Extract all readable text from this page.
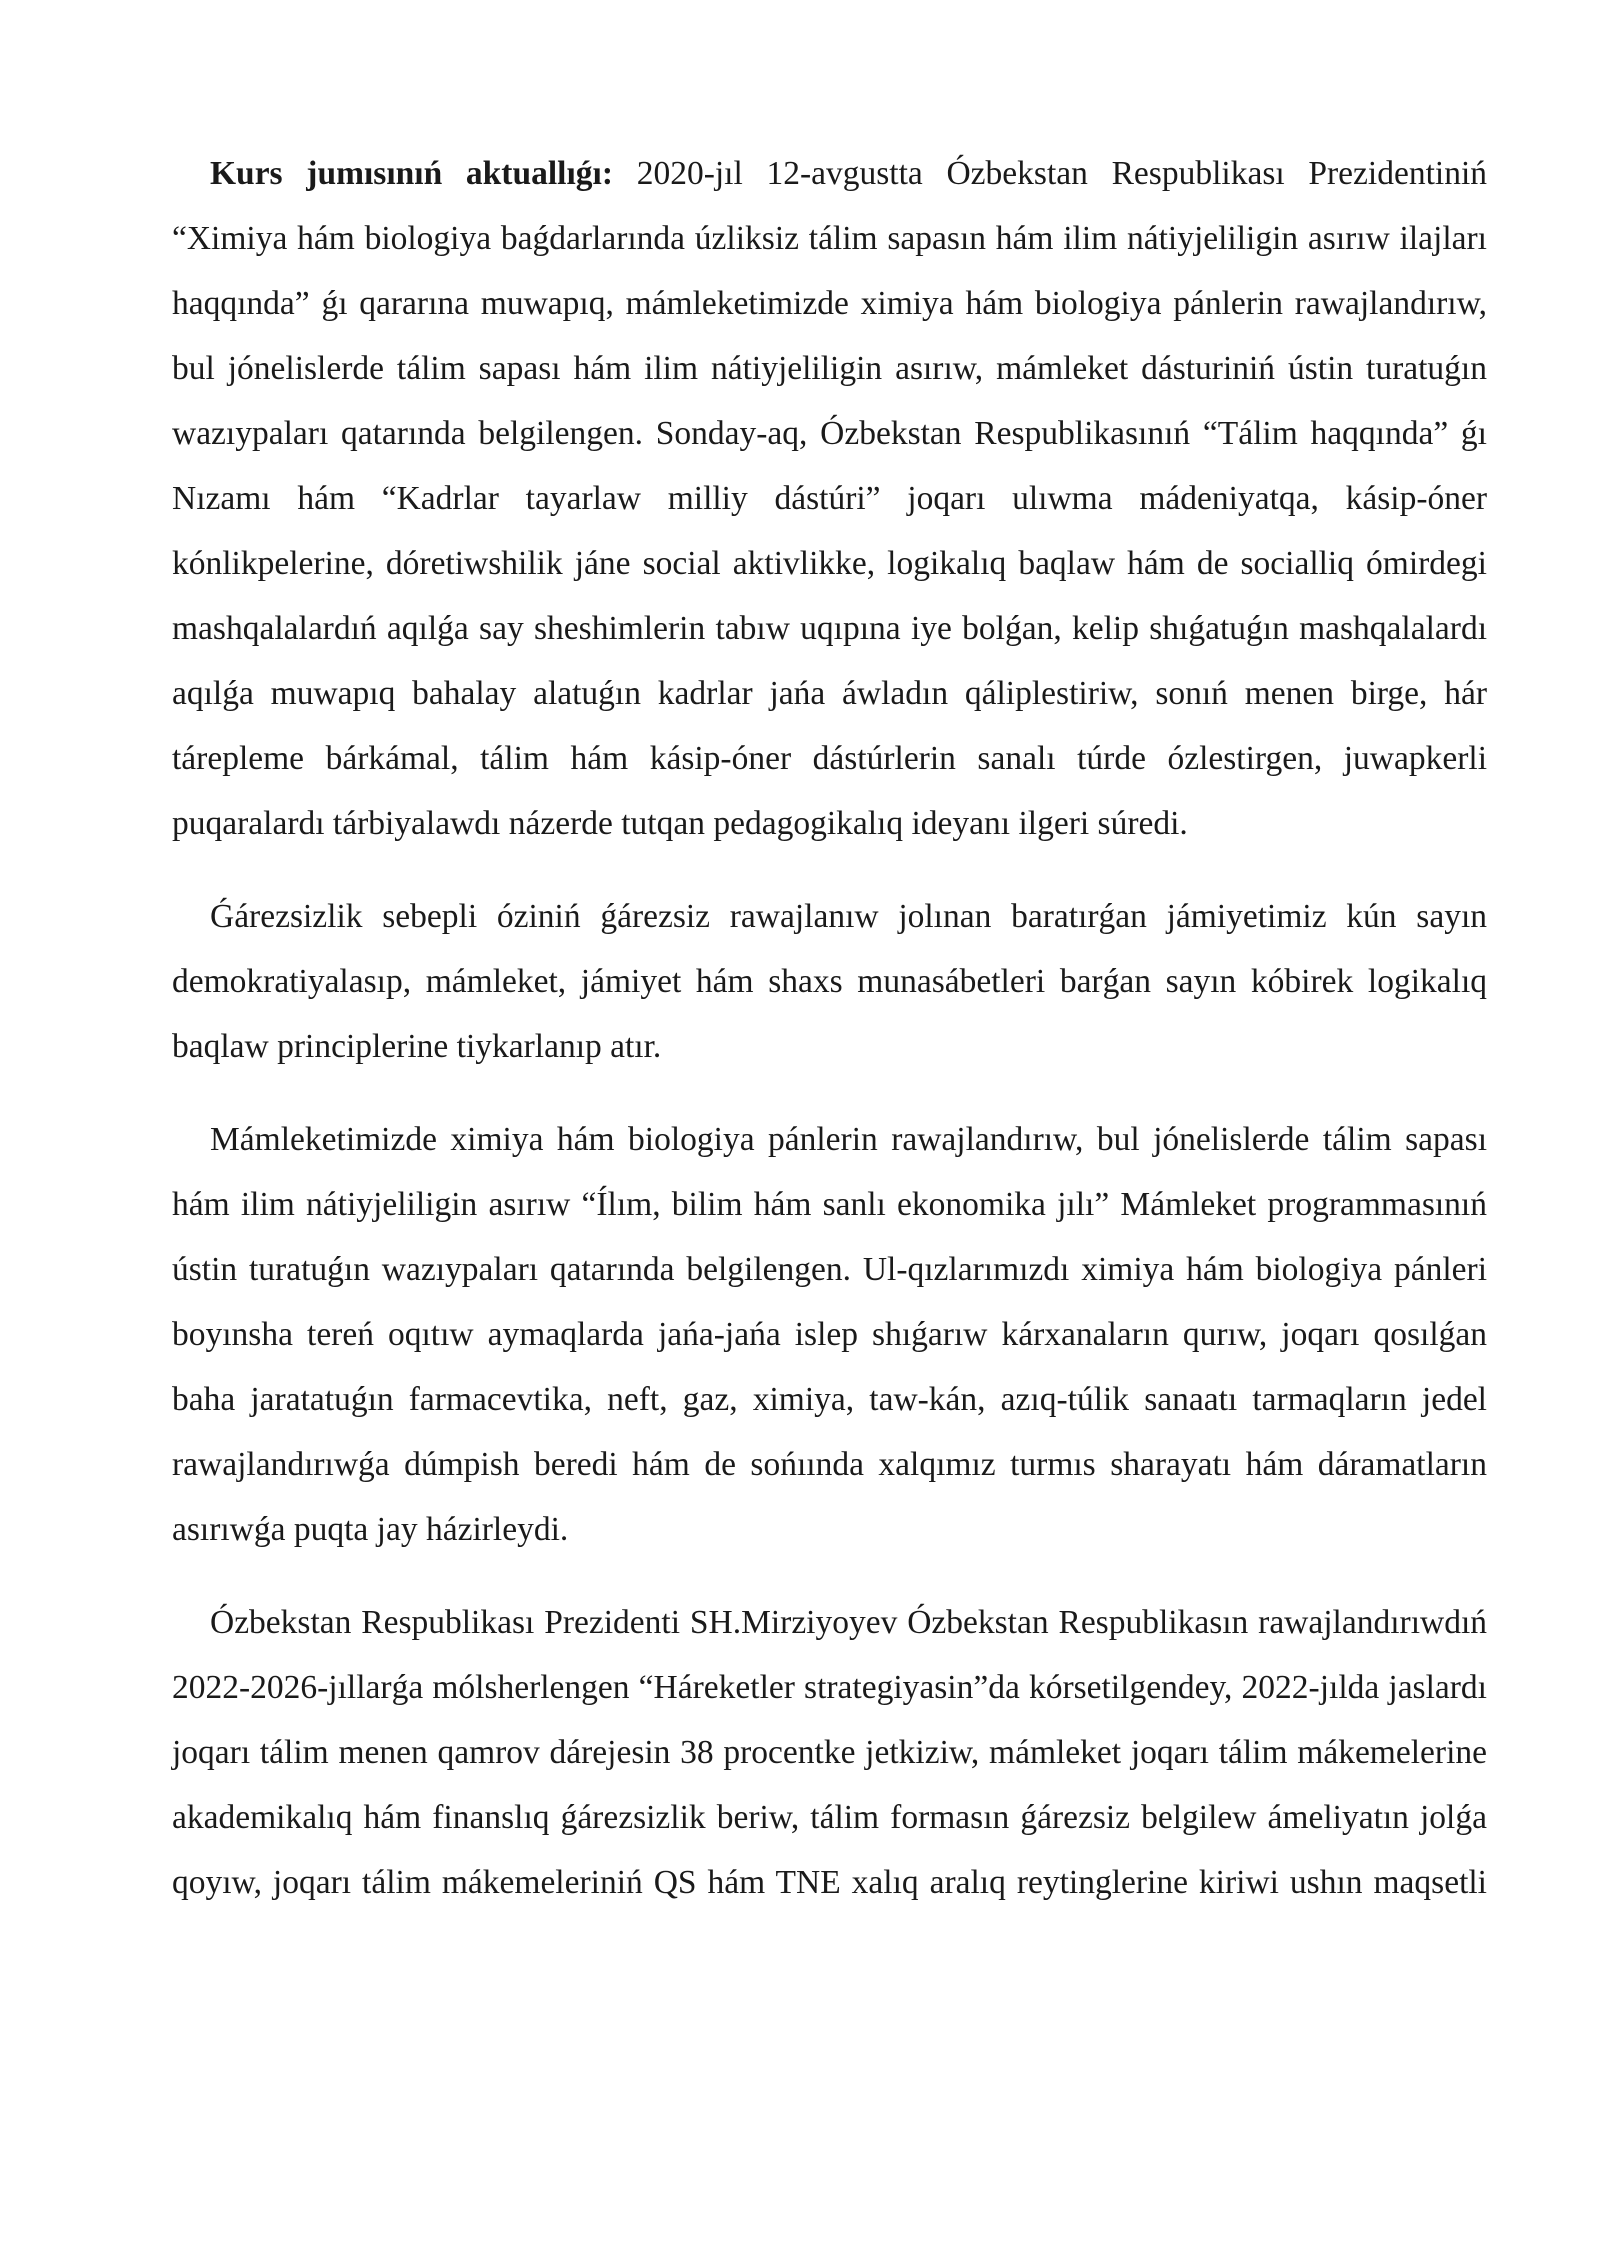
Kurs jumısınıń aktuallıǵı: 2020-jıl 12-avgustta Ózbekstan Respublikası Prezidentiniń “Ximiya hám biologiya baǵdarlarında úzliksiz tálim sapasın hám ilim nátiyjeliligin asırıw ilajları haqqında” ǵı qararına muwapıq, mámleketimizde ximiya hám biologiya pánlerin rawajlandırıw, bul jónelislerde tálim sapası hám ilim nátiyjeliligin asırıw, mámleket dásturiniń ústin turatuǵın wazıypaları qatarında belgilengen. Sonday-aq, Ózbekstan Respublikasınıń “Tálim haqqında” ǵı Nızamı hám “Kadrlar tayarlaw milliy dástúri” joqarı ulıwma mádeniyatqa, kásip-óner kónlikpelerine, dóretiwshilik jáne social aktivlikke, logikalıq baqlaw hám de socialliq ómirdegi mashqalalardıń aqılǵa say sheshimlerin tabıw uqıpına iye bolǵan, kelip shıǵatuǵın mashqalalardı aqılǵa muwapıq bahalay alatuǵın kadrlar jańa áwladın qáliplestiriw, sonıń menen birge, hár tárepleme bárkámal, tálim hám kásip-óner dástúrlerin sanalı túrde ózlestirgen, juwapkerli puqaralardı tárbiyalawdı názerde tutqan pedagogikalıq ideyanı ilgeri súredi.

Ǵárezsizlik sebepli óziniń ǵárezsiz rawajlanıw jolınan baratırǵan jámiyetimiz kún sayın demokratiyalasıp, mámleket, jámiyet hám shaxs munasábetleri barǵan sayın kóbirek logikalıq baqlaw principlerine tiykarlanıp atır.

Mámleketimizde ximiya hám biologiya pánlerin rawajlandırıw, bul jónelislerde tálim sapası hám ilim nátiyjeliligin asırıw “Ílım, bilim hám sanlı ekonomika jılı” Mámleket programmasınıń ústin turatuǵın wazıypaları qatarında belgilengen. Ul-qızlarımızdı ximiya hám biologiya pánleri boyınsha tereń oqıtıw aymaqlarda jańa-jańa islep shıǵarıw kárxanaların qurıw, joqarı qosılǵan baha jaratatuǵın farmacevtika, neft, gaz, ximiya, taw-kán, azıq-túlik sanaatı tarmaqların jedel rawajlandırıwǵa dúmpish beredi hám de sońıında xalqımız turmıs sharayatı hám dáramatların asırıwǵa puqta jay házirleydi.

Ózbekstan Respublikası Prezidenti SH.Mirziyoyev Ózbekstan Respublikasın rawajlandırıwdıń 2022-2026-jıllarǵa mólsherlengen “Háreketler strategiyasin”da kórsetilgendey, 2022-jılda jaslardı joqarı tálim menen qamrov dárejesin 38 procentke jetkiziw, mámleket joqarı tálim mákemelerine akademikalıq hám finanslıq ǵárezsizlik beriw, tálim formasın ǵárezsiz belgilew ámeliyatın jolǵa qoyıw, joqarı tálim mákemeleriniń QS hám TNE xalıq aralıq reytinglerine kiriwi ushın maqsetli
